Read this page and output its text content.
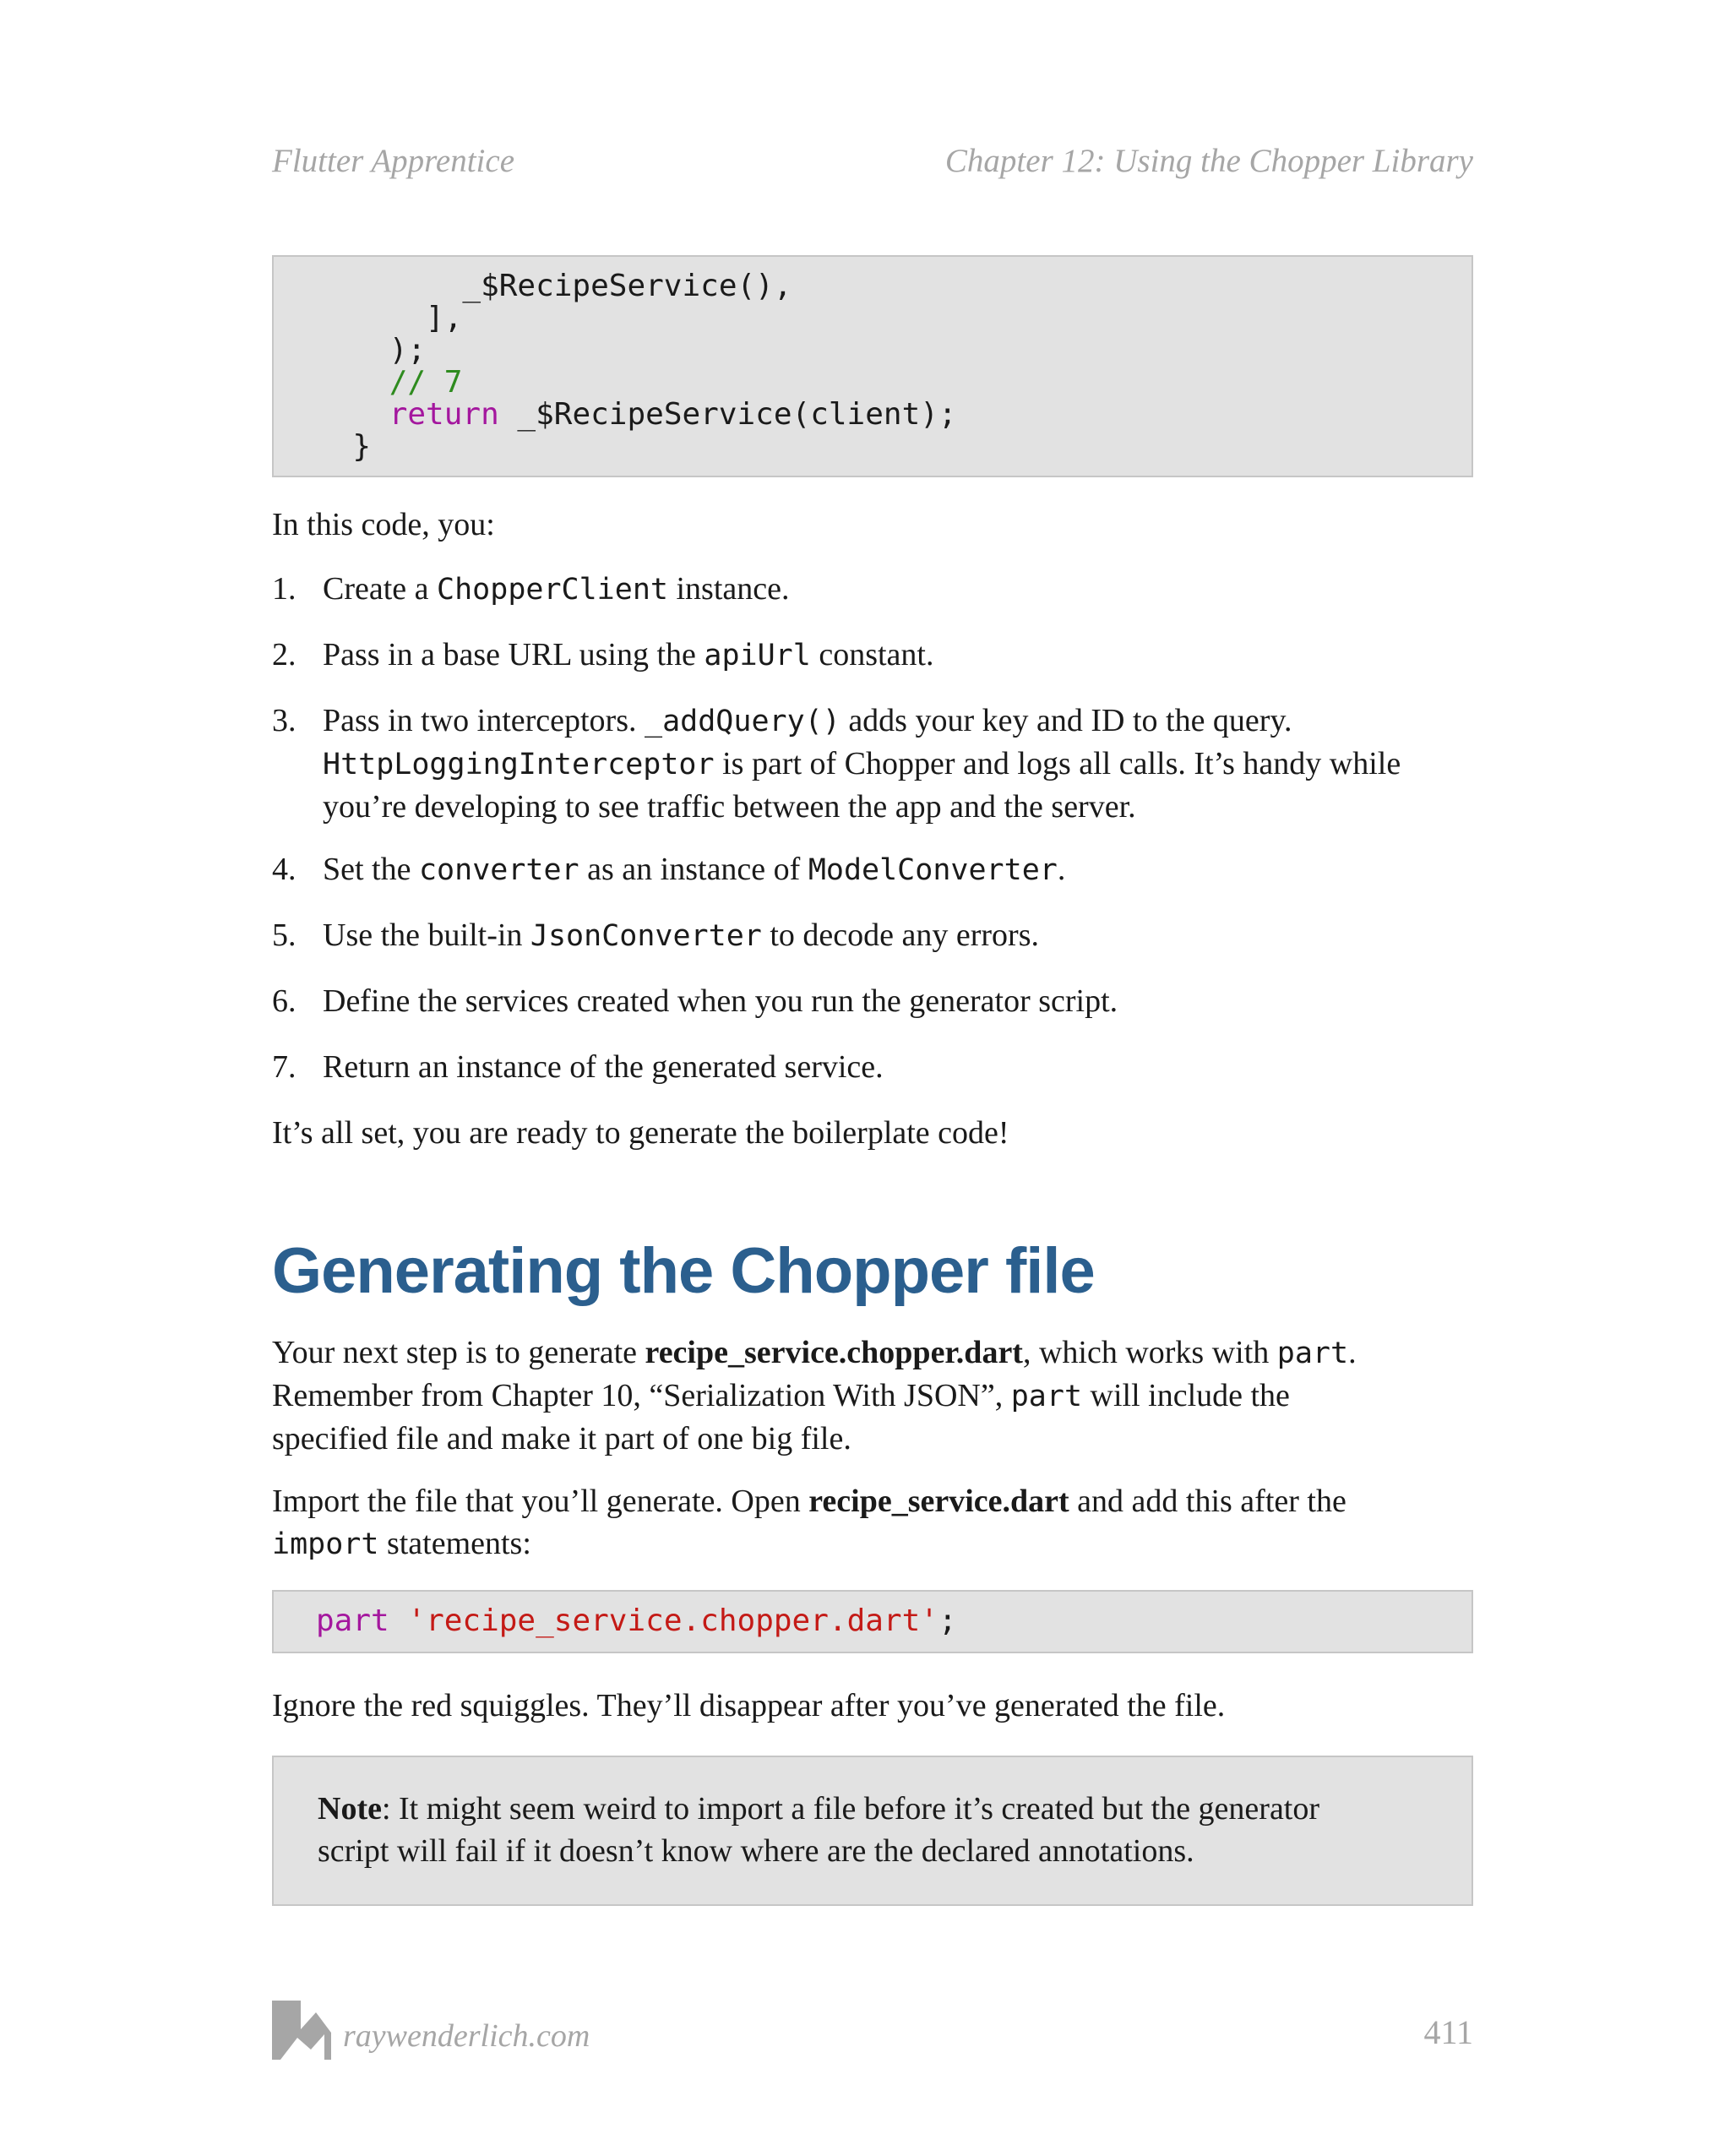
Flutter Apprentice	Chapter 12: Using the Chopper Library
_$RecipeService(),
],
);
// 7
return _$RecipeService(client);
}
In this code, you:
1. Create a ChopperClient instance.
2. Pass in a base URL using the apiUrl constant.
3. Pass in two interceptors. _addQuery() adds your key and ID to the query.
HttpLoggingInterceptor is part of Chopper and logs all calls. It’s handy while
you’re developing to see traffic between the app and the server.
4. Set the converter as an instance of ModelConverter.
5. Use the built-in JsonConverter to decode any errors.
6. Define the services created when you run the generator script.
7. Return an instance of the generated service.
It’s all set, you are ready to generate the boilerplate code!
Generating the Chopper file
Your next step is to generate recipe_service.chopper.dart, which works with part.
Remember from Chapter 10, “Serialization With JSON”, part will include the
specified file and make it part of one big file.
Import the file that you’ll generate. Open recipe_service.dart and add this after the
import statements:
part 'recipe_service.chopper.dart';
Ignore the red squiggles. They’ll disappear after you’ve generated the file.
Note: It might seem weird to import a file before it’s created but the generator
script will fail if it doesn’t know where are the declared annotations.
raywenderlich.com	411
